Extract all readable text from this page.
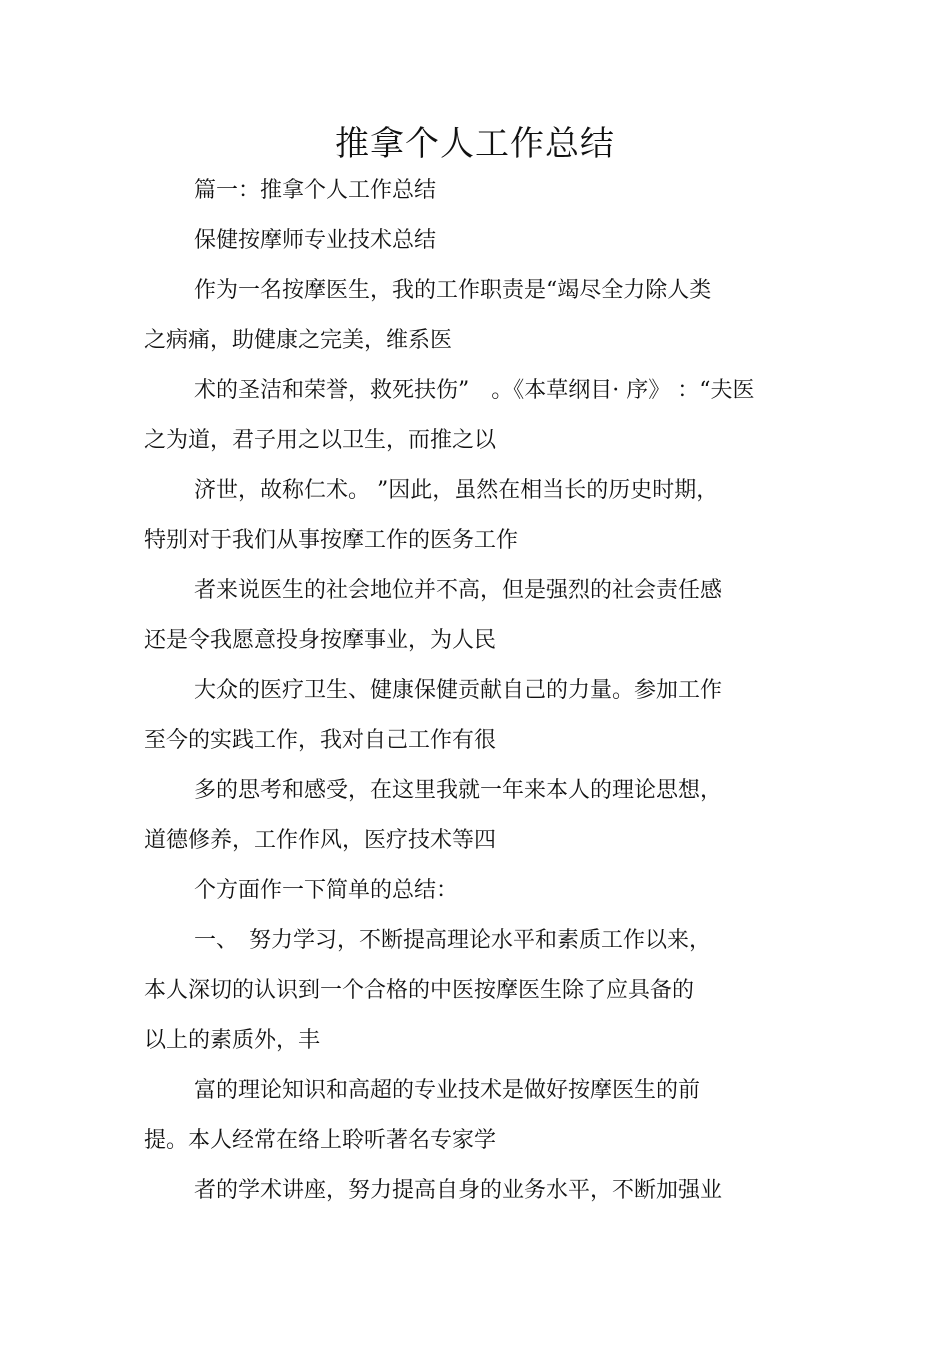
推拿个人工作总结
篇一：推拿个人工作总结
保健按摩师专业技术总结
作为一名按摩医生，我的工作职责是“竭尽全力除人类
之病痛，助健康之完美，维系医
术的圣洁和荣誉，救死扶伤”　。《本草纲目· 序》 ：“夫医
之为道，君子用之以卫生，而推之以
济世，故称仁术。 ”因此，虽然在相当长的历史时期，
特别对于我们从事按摩工作的医务工作
者来说医生的社会地位并不高，但是强烈的社会责任感
还是令我愿意投身按摩事业，为人民
大众的医疗卫生、健康保健贡献自己的力量。参加工作
至今的实践工作，我对自己工作有很
多的思考和感受，在这里我就一年来本人的理论思想，
道德修养，工作作风，医疗技术等四
个方面作一下简单的总结：
一、　努力学习，不断提高理论水平和素质工作以来，
本人深切的认识到一个合格的中医按摩医生除了应具备的
以上的素质外，丰
富的理论知识和高超的专业技术是做好按摩医生的前
提。本人经常在络上聆听著名专家学
者的学术讲座，努力提高自身的业务水平，不断加强业
